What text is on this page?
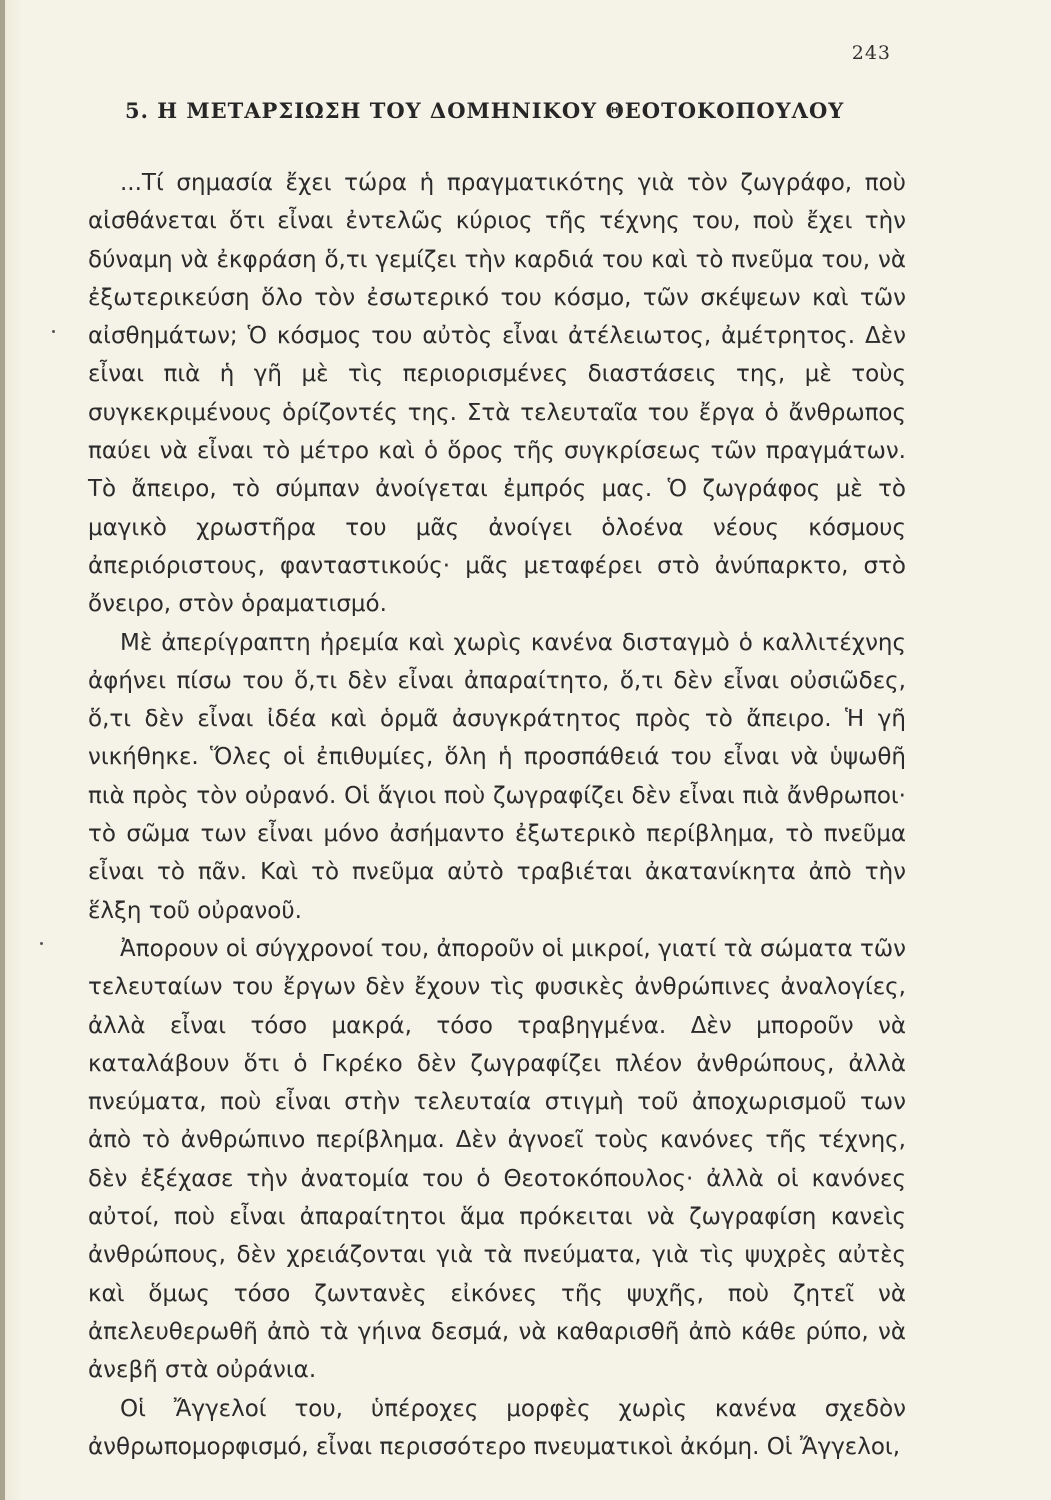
243
5. Η ΜΕΤΑΡΣΙΩΣΗ ΤΟΥ ΔΟΜΗΝΙΚΟΥ ΘΕΟΤΟΚΟΠΟΥΛΟΥ

...Τί σημασία ἔχει τώρα ἡ πραγματικότης γιὰ τὸν ζωγράφο, ποὺ αἰσθάνεται ὅτι εἶναι ἐντελῶς κύριος τῆς τέχνης του, ποὺ ἔχει τὴν δύναμη νὰ ἐκφράση ὅ,τι γεμίζει τὴν καρδιά του καὶ τὸ πνεῦμα του, νὰ ἐξωτερικεύση ὅλο τὸν ἐσωτερικό του κόσμο, τῶν σκέψεων καὶ τῶν αἰσθημάτων; Ὁ κόσμος του αὐτὸς εἶναι ἀτέλειωτος, ἀμέτρητος. Δὲν εἶναι πιὰ ἡ γῆ μὲ τὶς περιορισμένες διαστάσεις της, μὲ τοὺς συγκεκριμένους ὁρίζοντές της. Στὰ τελευταῖα του ἔργα ὁ ἄνθρωπος παύει νὰ εἶναι τὸ μέτρο καὶ ὁ ὅρος τῆς συγκρίσεως τῶν πραγμάτων. Τὸ ἄπειρο, τὸ σύμπαν ἀνοίγεται ἐμπρός μας. Ὁ ζωγράφος μὲ τὸ μαγικὸ χρωστῆρα του μᾶς ἀνοίγει ὁλοένα νέους κόσμους ἀπεριόριστους, φανταστικούς· μᾶς μεταφέρει στὸ ἀνύπαρκτο, στὸ ὄνειρο, στὸν ὁραματισμό.

Μὲ ἀπερίγραπτη ἠρεμία καὶ χωρὶς κανένα δισταγμὸ ὁ καλλιτέχνης ἀφήνει πίσω του ὅ,τι δὲν εἶναι ἀπαραίτητο, ὅ,τι δὲν εἶναι οὐσιῶδες, ὅ,τι δὲν εἶναι ἰδέα καὶ ὁρμᾶ ἀσυγκράτητος πρὸς τὸ ἄπειρο. Ἡ γῆ νικήθηκε. Ὅλες οἱ ἐπιθυμίες, ὅλη ἡ προσπάθειά του εἶναι νὰ ὑψωθῆ πιὰ πρὸς τὸν οὐρανό. Οἱ ἅγιοι ποὺ ζωγραφίζει δὲν εἶναι πιὰ ἄνθρωποι· τὸ σῶμα των εἶναι μόνο ἀσήμαντο ἐξωτερικὸ περίβλημα, τὸ πνεῦμα εἶναι τὸ πᾶν. Καὶ τὸ πνεῦμα αὐτὸ τραβιέται ἀκατανίκητα ἀπὸ τὴν ἕλξη τοῦ οὐρανοῦ.

Ἀπορουν οἱ σύγχρονοί του, ἀποροῦν οἱ μικροί, γιατί τὰ σώματα τῶν τελευταίων του ἔργων δὲν ἔχουν τὶς φυσικὲς ἀνθρώπινες ἀναλογίες, ἀλλὰ εἶναι τόσο μακρά, τόσο τραβηγμένα. Δὲν μποροῦν νὰ καταλάβουν ὅτι ὁ Γκρέκο δὲν ζωγραφίζει πλέον ἀνθρώπους, ἀλλὰ πνεύματα, ποὺ εἶναι στὴν τελευταία στιγμὴ τοῦ ἀποχωρισμοῦ των ἀπὸ τὸ ἀνθρώπινο περίβλημα. Δὲν ἀγνοεῖ τοὺς κανόνες τῆς τέχνης, δὲν ἐξέχασε τὴν ἀνατομία του ὁ Θεοτοκόπουλος· ἀλλὰ οἱ κανόνες αὐτοί, ποὺ εἶναι ἀπαραίτητοι ἅμα πρόκειται νὰ ζωγραφίση κανεὶς ἀνθρώπους, δὲν χρειάζονται γιὰ τὰ πνεύματα, γιὰ τὶς ψυχρὲς αὐτὲς καὶ ὅμως τόσο ζωντανὲς εἰκόνες τῆς ψυχῆς, ποὺ ζητεῖ νὰ ἀπελευθερωθῆ ἀπὸ τὰ γήινα δεσμά, νὰ καθαρισθῆ ἀπὸ κάθε ρύπο, νὰ ἀνεβῆ στὰ οὐράνια.

Οἱ Ἄγγελοί του, ὑπέροχες μορφὲς χωρὶς κανένα σχεδὸν ἀνθρωπομορφισμό, εἶναι περισσότερο πνευματικοὶ ἀκόμη. Οἱ Ἄγγελοι,
